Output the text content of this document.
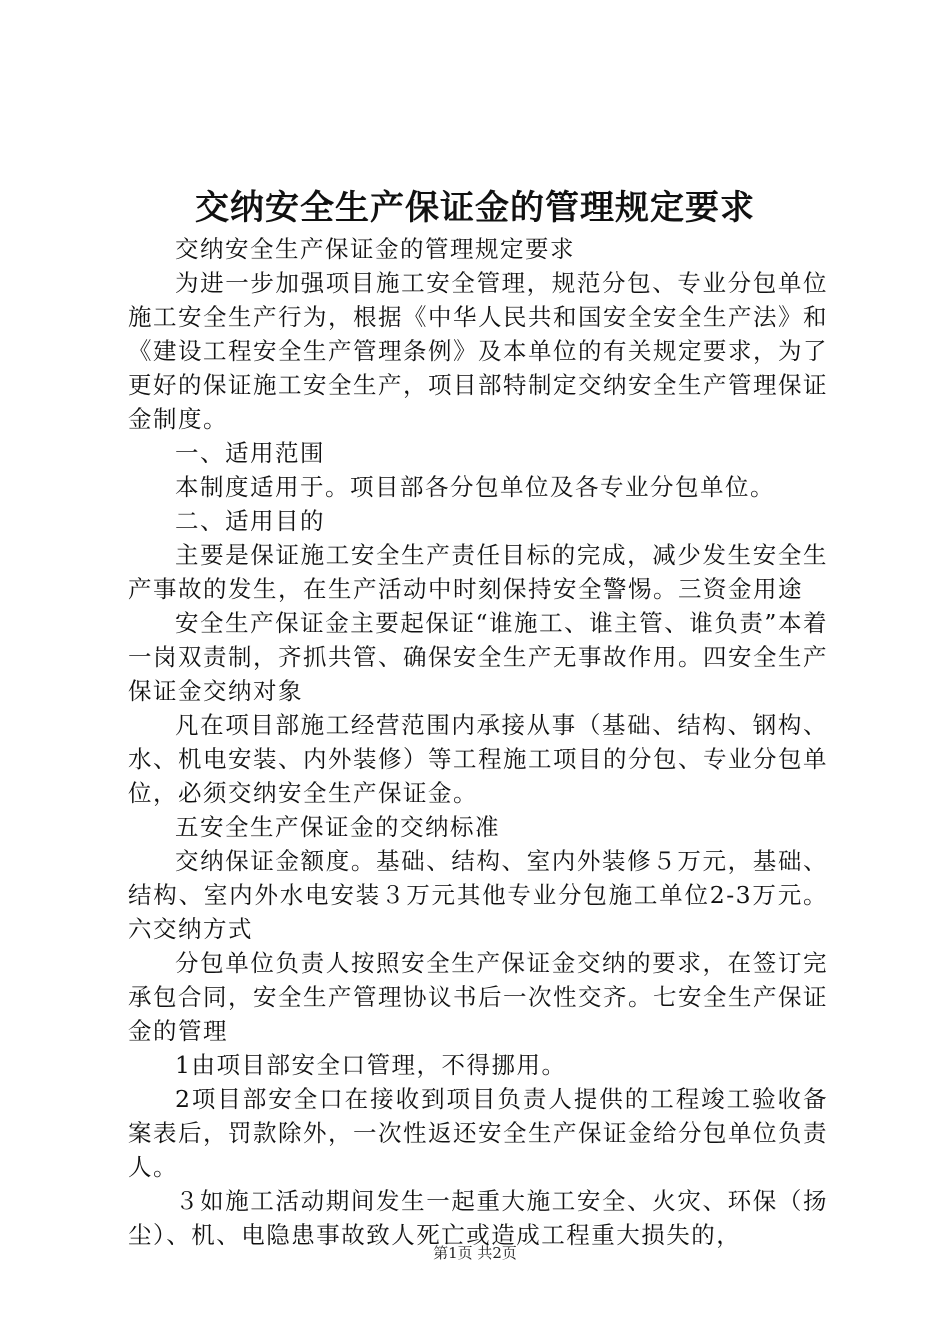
交纳安全生产保证金的管理规定要求

交纳安全生产保证金的管理规定要求

为进一步加强项目施工安全管理，规范分包、专业分包单位施工安全生产行为，根据《中华人民共和国安全安全生产法》和《建设工程安全生产管理条例》及本单位的有关规定要求，为了更好的保证施工安全生产，项目部特制定交纳安全生产管理保证金制度。

一、适用范围

本制度适用于。项目部各分包单位及各专业分包单位。

二、适用目的

主要是保证施工安全生产责任目标的完成，减少发生安全生产事故的发生，在生产活动中时刻保持安全警惕。三资金用途

安全生产保证金主要起保证“谁施工、谁主管、谁负责”本着一岗双责制，齐抓共管、确保安全生产无事故作用。四安全生产保证金交纳对象

凡在项目部施工经营范围内承接从事（基础、结构、钢构、水、机电安装、内外装修）等工程施工项目的分包、专业分包单位，必须交纳安全生产保证金。

五安全生产保证金的交纳标准

交纳保证金额度。基础、结构、室内外装修５万元，基础、结构、室内外水电安装３万元其他专业分包施工单位2-3万元。六交纳方式

分包单位负责人按照安全生产保证金交纳的要求，在签订完承包合同，安全生产管理协议书后一次性交齐。七安全生产保证金的管理

1由项目部安全口管理，不得挪用。

2项目部安全口在接收到项目负责人提供的工程竣工验收备案表后，罚款除外，一次性返还安全生产保证金给分包单位负责人。

３如施工活动期间发生一起重大施工安全、火灾、环保（扬尘）、机、电隐患事故致人死亡或造成工程重大损失的，

第1页 共2页
